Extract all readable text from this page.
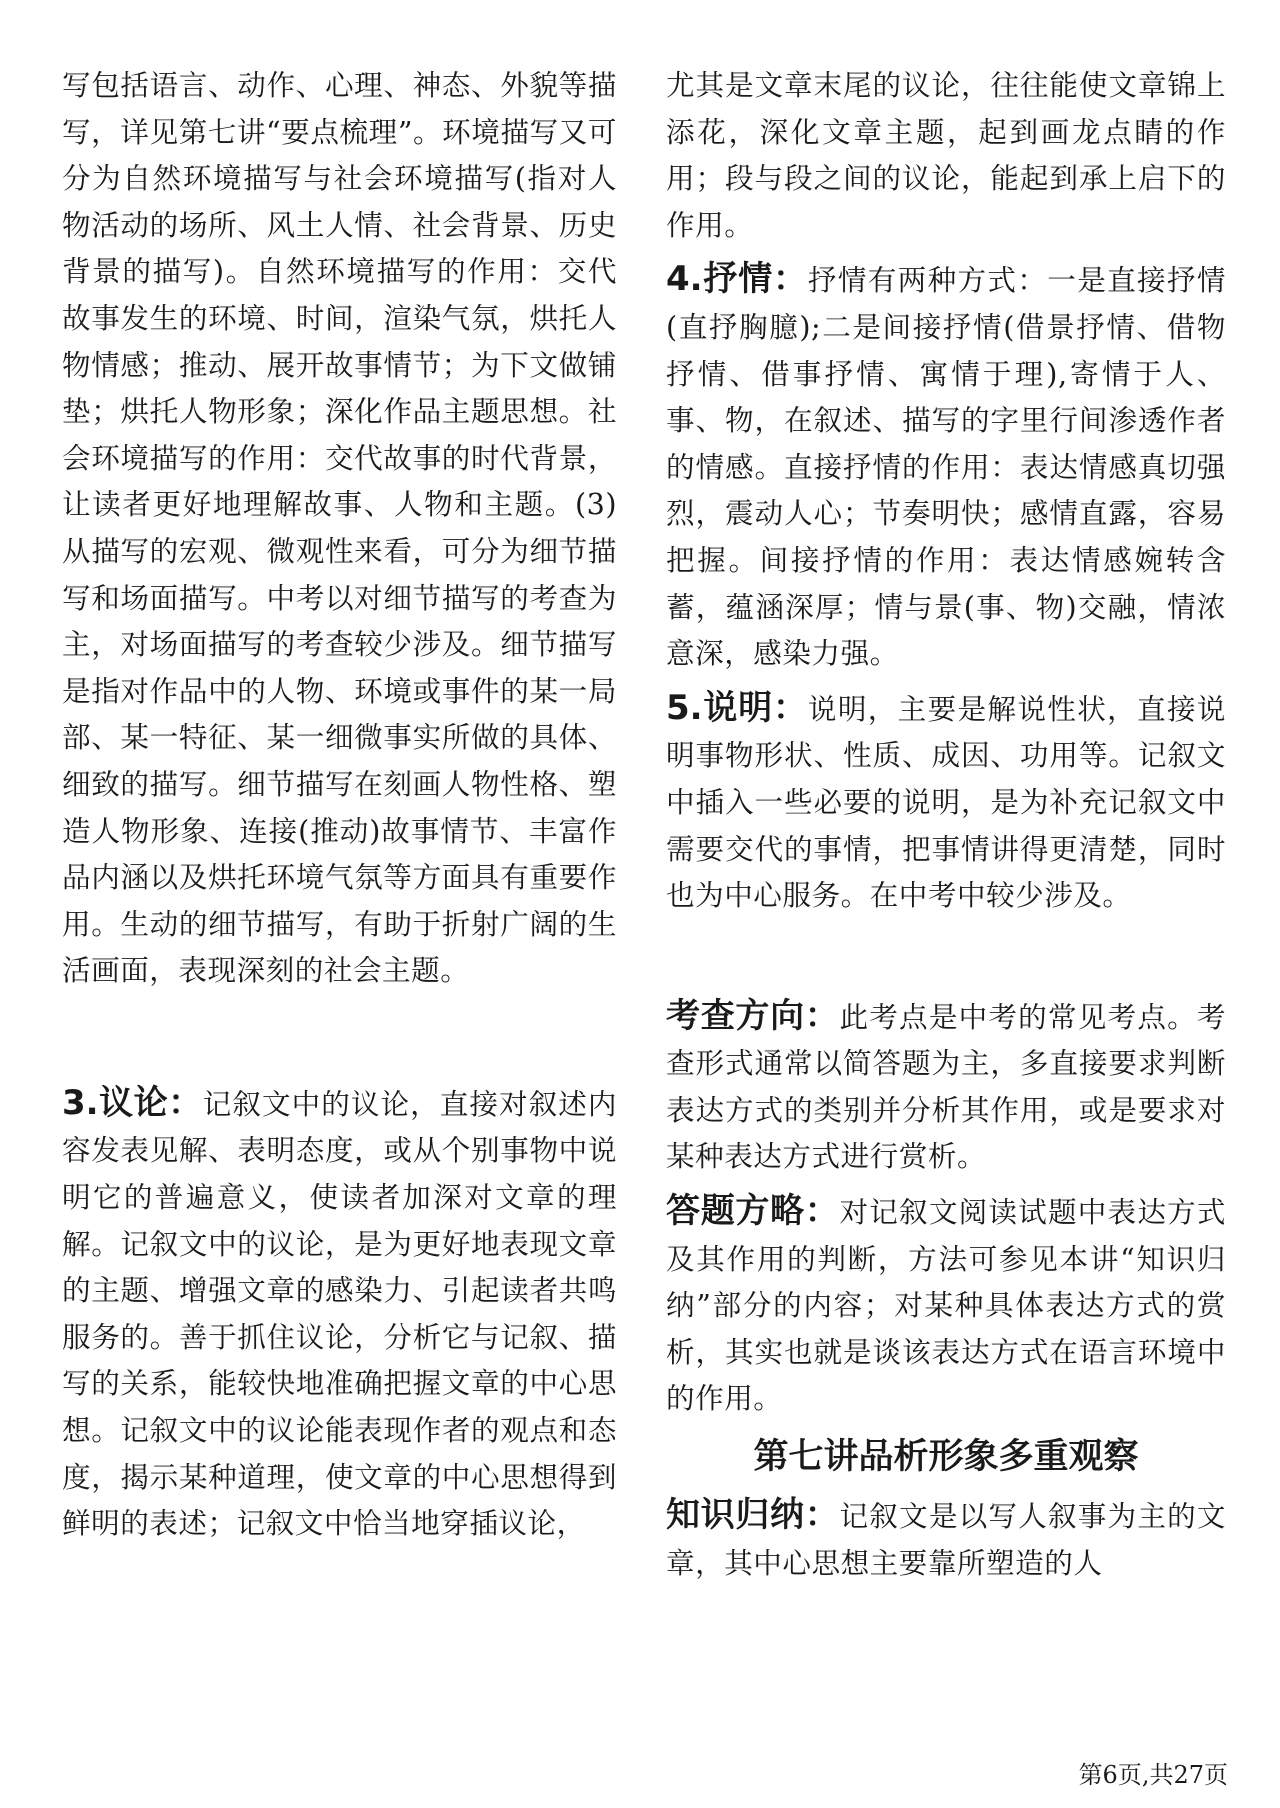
写包括语言、动作、心理、神态、外貌等描写，详见第七讲“要点梳理”。环境描写又可分为自然环境描写与社会环境描写(指对人物活动的场所、风土人情、社会背景、历史背景的描写)。自然环境描写的作用：交代故事发生的环境、时间，渲染气氛，烘托人物情感；推动、展开故事情节；为下文做铺垫；烘托人物形象；深化作品主题思想。社会环境描写的作用：交代故事的时代背景，让读者更好地理解故事、人物和主题。(3)从描写的宏观、微观性来看，可分为细节描写和场面描写。中考以对细节描写的考查为主，对场面描写的考查较少涉及。细节描写是指对作品中的人物、环境或事件的某一局部、某一特征、某一细微事实所做的具体、细致的描写。细节描写在刻画人物性格、塑造人物形象、连接(推动)故事情节、丰富作品内涵以及烘托环境气氛等方面具有重要作用。生动的细节描写，有助于折射广阔的生活画面，表现深刻的社会主题。

3.议论：记叙文中的议论，直接对叙述内容发表见解、表明态度，或从个别事物中说明它的普遍意义，使读者加深对文章的理解。记叙文中的议论，是为更好地表现文章的主题、增强文章的感染力、引起读者共鸣服务的。善于抓住议论，分析它与记叙、描写的关系，能较快地准确把握文章的中心思想。记叙文中的议论能表现作者的观点和态度，揭示某种道理，使文章的中心思想得到鲜明的表述；记叙文中恰当地穿插议论，

尤其是文章末尾的议论，往往能使文章锦上添花，深化文章主题，起到画龙点睛的作用；段与段之间的议论，能起到承上启下的作用。

4.抒情：抒情有两种方式：一是直接抒情(直抒胸臆);二是间接抒情(借景抒情、借物抒情、借事抒情、寓情于理),寄情于人、事、物，在叙述、描写的字里行间渗透作者的情感。直接抒情的作用：表达情感真切强烈，震动人心；节奏明快；感情直露，容易把握。间接抒情的作用：表达情感婉转含蓄，蕴涵深厚；情与景(事、物)交融，情浓意深，感染力强。

5.说明：说明，主要是解说性状，直接说明事物形状、性质、成因、功用等。记叙文中插入一些必要的说明，是为补充记叙文中需要交代的事情，把事情讲得更清楚，同时也为中心服务。在中考中较少涉及。

考查方向：此考点是中考的常见考点。考查形式通常以简答题为主，多直接要求判断表达方式的类别并分析其作用，或是要求对某种表达方式进行赏析。

答题方略：对记叙文阅读试题中表达方式及其作用的判断，方法可参见本讲“知识归纳”部分的内容；对某种具体表达方式的赏析，其实也就是谈该表达方式在语言环境中的作用。

第七讲品析形象多重观察

知识归纳：记叙文是以写人叙事为主的文章，其中心思想主要靠所塑造的人

第6页,共27页
